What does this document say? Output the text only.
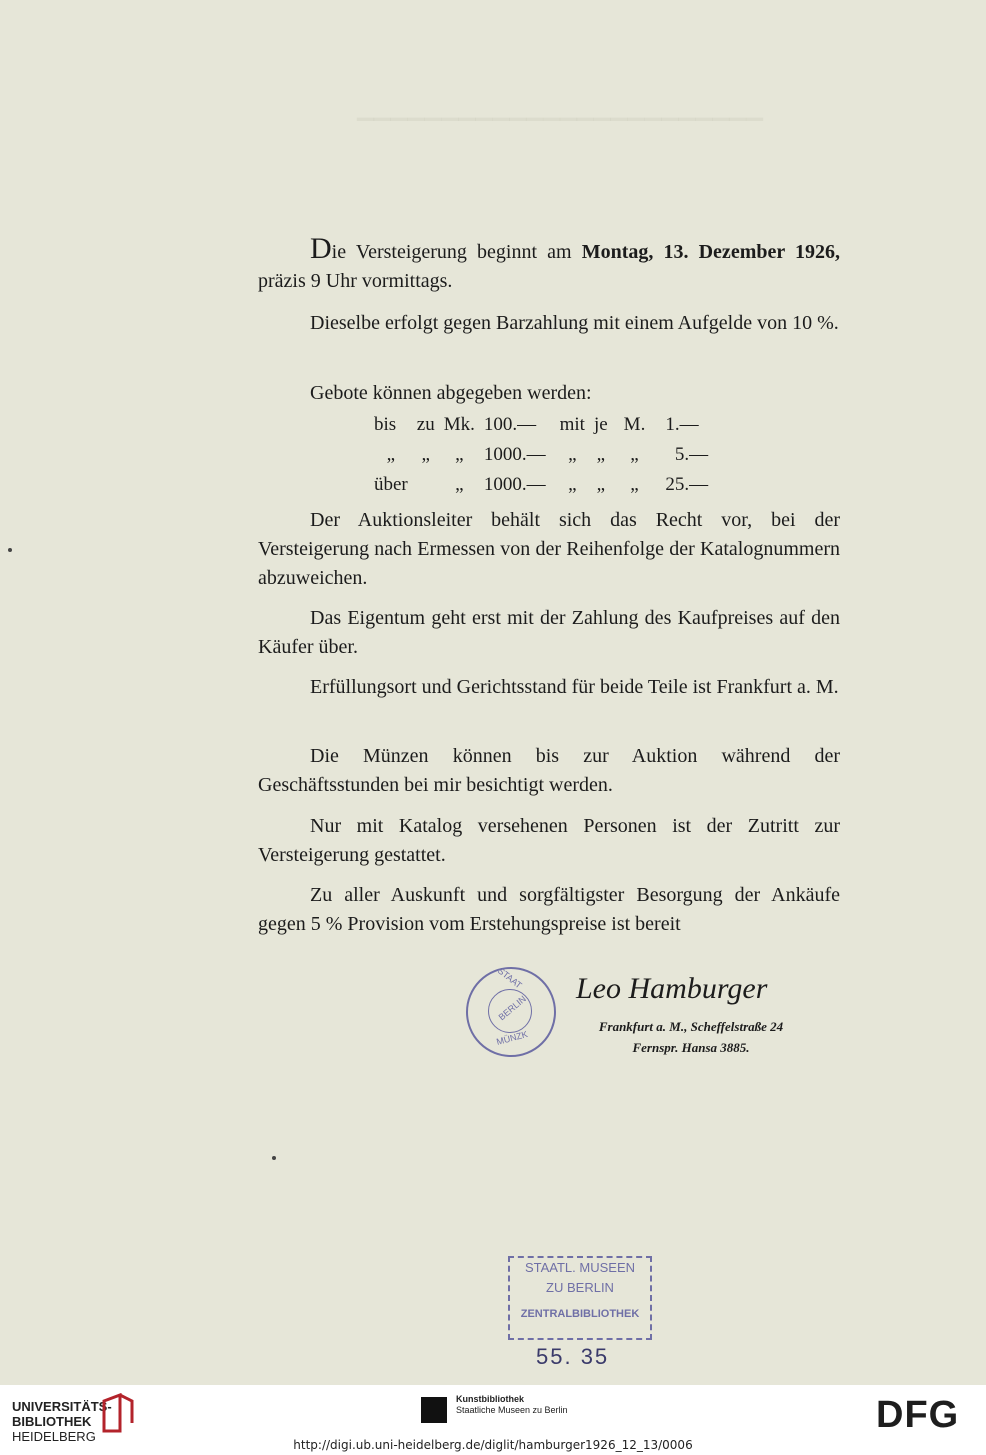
▔▔▔▔▔▔▔▔▔▔▔▔▔▔▔▔▔▔▔▔▔▔▔▔
Die Versteigerung beginnt am Montag, 13. Dezember 1926, präzis 9 Uhr vormittags.
Dieselbe erfolgt gegen Barzahlung mit einem Aufgelde von 10 %.
Gebote können abgegeben werden:
bis	zu	Mk.	100.—	mit	je	M.	1.—
„	„	„	1000.—	„	„	„	5.—
über		„	1000.—	„	„	„	25.—
Der Auktionsleiter behält sich das Recht vor, bei der Versteigerung nach Ermessen von der Reihenfolge der Katalognummern abzuweichen.
Das Eigentum geht erst mit der Zahlung des Kaufpreises auf den Käufer über.
Erfüllungsort und Gerichtsstand für beide Teile ist Frankfurt a. M.
Die Münzen können bis zur Auktion während der Geschäftsstunden bei mir besichtigt werden.
Nur mit Katalog versehenen Personen ist der Zutritt zur Versteigerung gestattet.
Zu aller Auskunft und sorgfältigster Besorgung der Ankäufe gegen 5 % Provision vom Erstehungspreise ist bereit
STAAT
BERLIN
MÜNZK
Leo Hamburger
Frankfurt a. M., Scheffelstraße 24
Fernspr. Hansa 3885.
STAATL. MUSEEN
ZU BERLIN
ZENTRALBIBLIOTHEK
55. 35
UNIVERSITÄTS-
BIBLIOTHEK
HEIDELBERG
Kunstbibliothek
Staatliche Museen zu Berlin	DFG
http://digi.ub.uni-heidelberg.de/diglit/hamburger1926_12_13/0006
